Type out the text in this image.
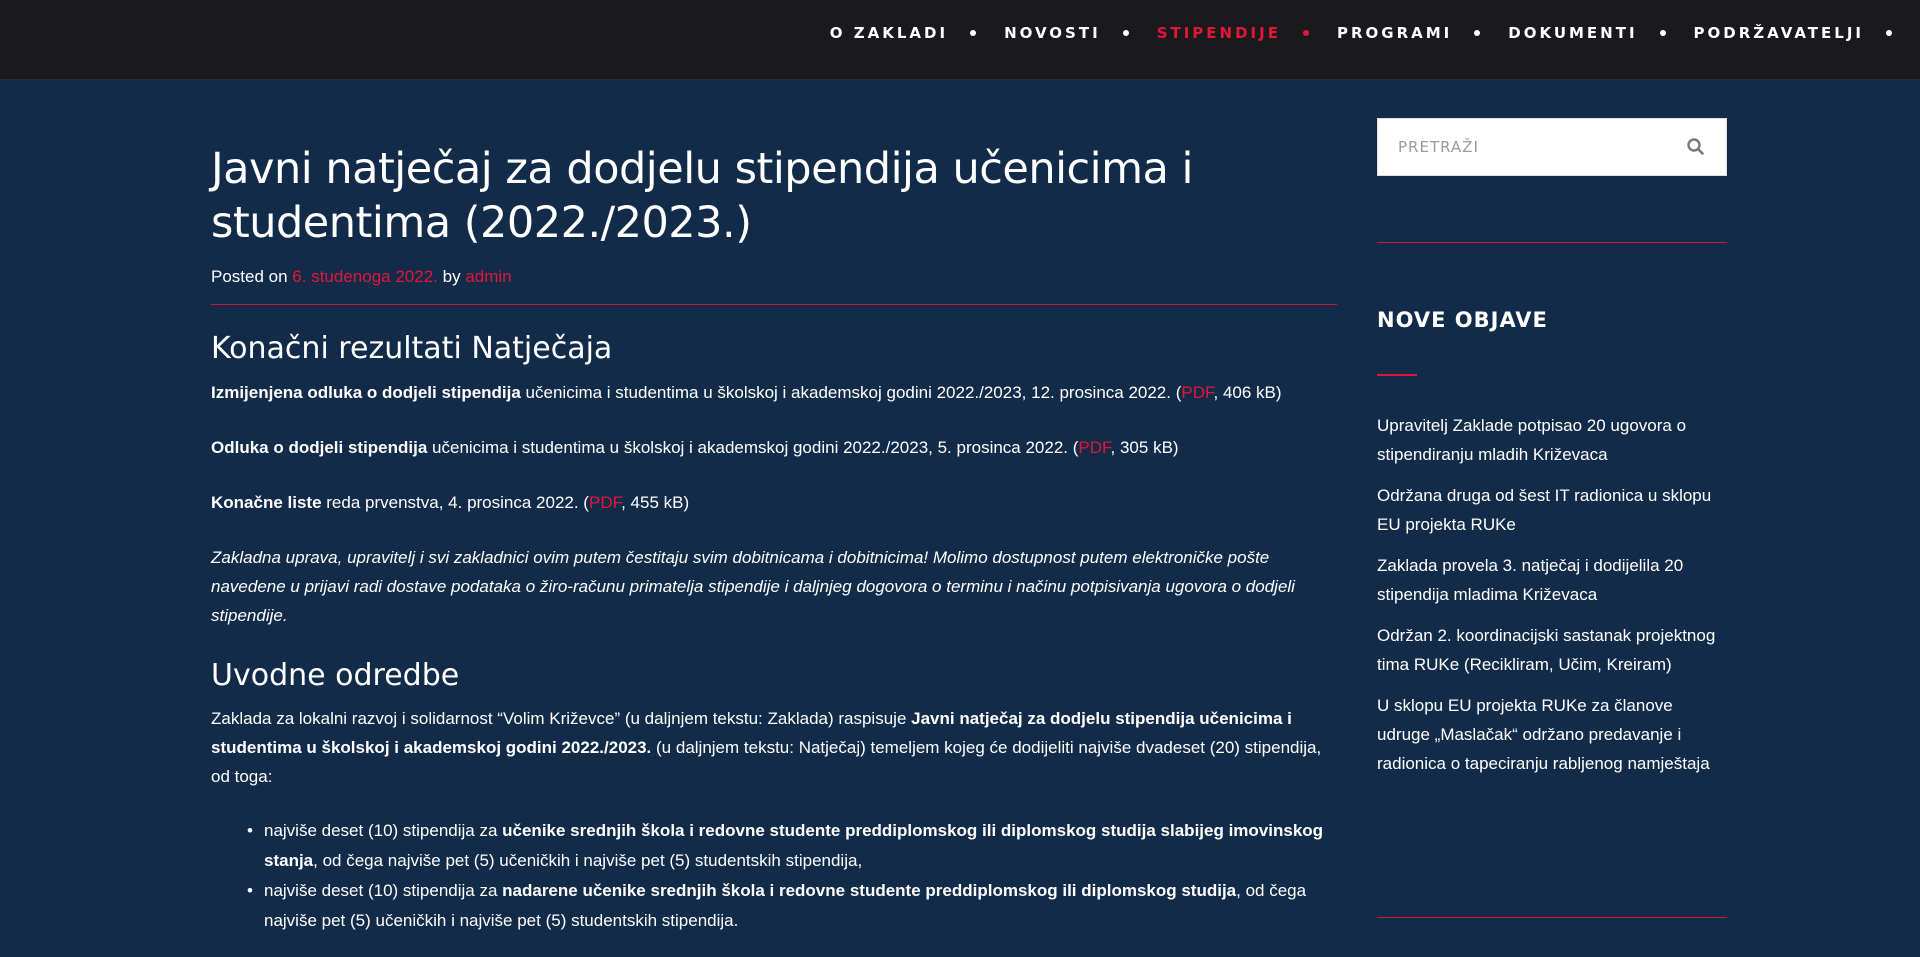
O ZAKLADI	NOVOSTI	STIPENDIJE	PROGRAMI	DOKUMENTI	PODRŽAVATELJI
Javni natječaj za dodjelu stipendija učenicima i studentima (2022./2023.)
Posted on 6. studenoga 2022. by admin
Konačni rezultati Natječaja

Izmijenjena odluka o dodjeli stipendija učenicima i studentima u školskoj i akademskoj godini 2022./2023, 12. prosinca 2022. (PDF, 406 kB)

Odluka o dodjeli stipendija učenicima i studentima u školskoj i akademskoj godini 2022./2023, 5. prosinca 2022. (PDF, 305 kB)

Konačne liste reda prvenstva, 4. prosinca 2022. (PDF, 455 kB)

Zakladna uprava, upravitelj i svi zakladnici ovim putem čestitaju svim dobitnicama i dobitnicima! Molimo dostupnost putem elektroničke pošte navedene u prijavi radi dostave podataka o žiro-računu primatelja stipendije i daljnjeg dogovora o terminu i načinu potpisivanja ugovora o dodjeli stipendije.

Uvodne odredbe

Zaklada za lokalni razvoj i solidarnost “Volim Križevce” (u daljnjem tekstu: Zaklada) raspisuje Javni natječaj za dodjelu stipendija učenicima i studentima u školskoj i akademskoj godini 2022./2023. (u daljnjem tekstu: Natječaj) temeljem kojeg će dodijeliti najviše dvadeset (20) stipendija, od toga:

• najviše deset (10) stipendija za učenike srednjih škola i redovne studente preddiplomskog ili diplomskog studija slabijeg imovinskog stanja, od čega najviše pet (5) učeničkih i najviše pet (5) studentskih stipendija,
• najviše deset (10) stipendija za nadarene učenike srednjih škola i redovne studente preddiplomskog ili diplomskog studija, od čega najviše pet (5) učeničkih i najviše pet (5) studentskih stipendija.
PRETRAŽI
NOVE OBJAVE
Upravitelj Zaklade potpisao 20 ugovora o stipendiranju mladih Križevaca
Održana druga od šest IT radionica u sklopu EU projekta RUKe
Zaklada provela 3. natječaj i dodijelila 20 stipendija mladima Križevaca
Održan 2. koordinacijski sastanak projektnog tima RUKe (Recikliram, Učim, Kreiram)
U sklopu EU projekta RUKe za članove udruge „Maslačak“ održano predavanje i radionica o tapeciranju rabljenog namještaja
